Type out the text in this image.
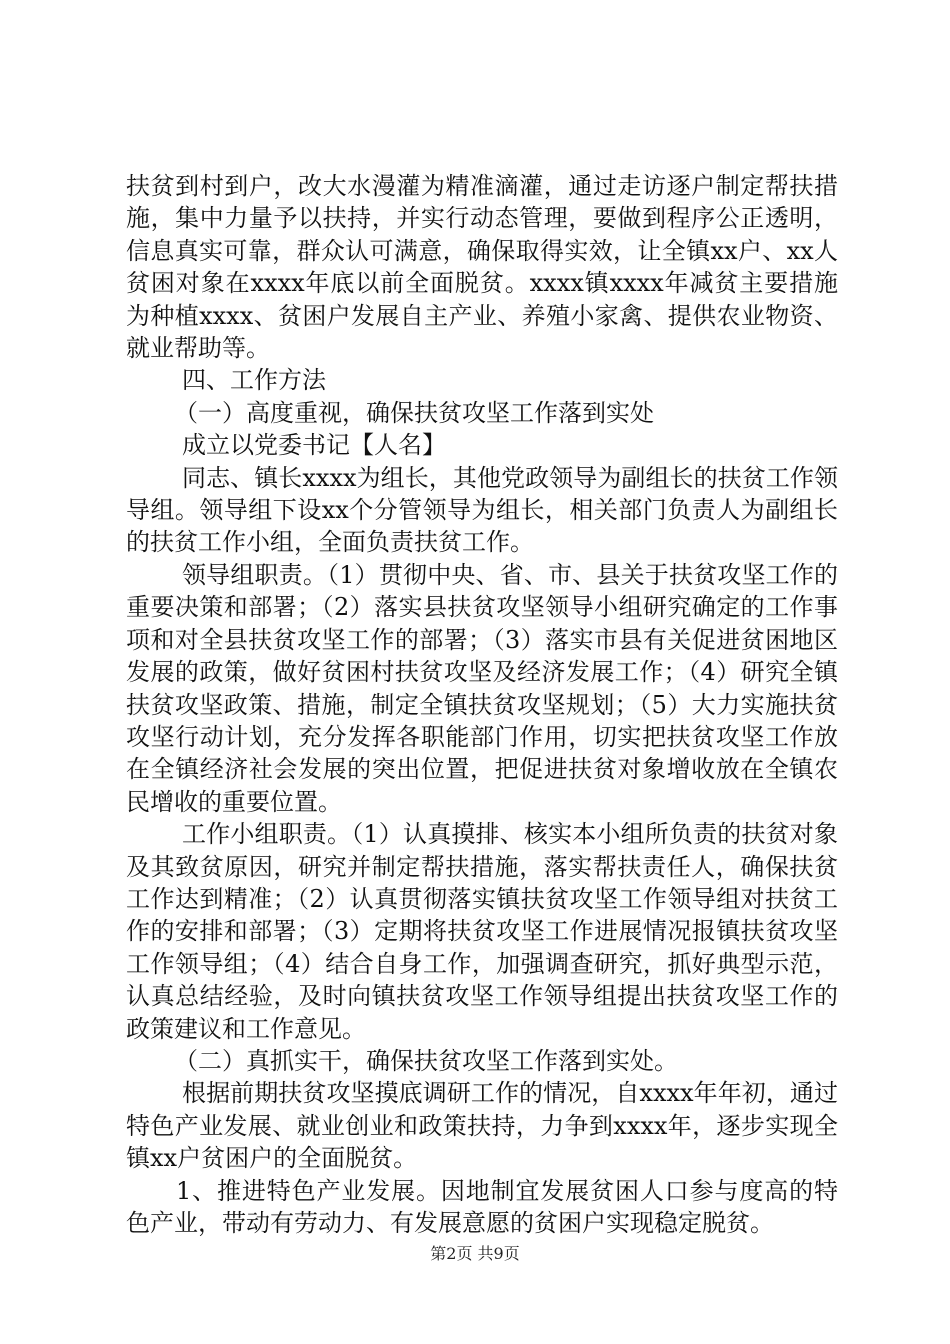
扶贫到村到户，改大水漫灌为精准滴灌，通过走访逐户制定帮扶措施，集中力量予以扶持，并实行动态管理，要做到程序公正透明，信息真实可靠，群众认可满意，确保取得实效，让全镇xx户、xx人贫困对象在xxxx年底以前全面脱贫。xxxx镇xxxx年减贫主要措施为种植xxxx、贫困户发展自主产业、养殖小家禽、提供农业物资、就业帮助等。

四、工作方法

（一）高度重视，确保扶贫攻坚工作落到实处

成立以党委书记【人名】

同志、镇长xxxx为组长，其他党政领导为副组长的扶贫工作领导组。领导组下设xx个分管领导为组长，相关部门负责人为副组长的扶贫工作小组，全面负责扶贫工作。

领导组职责。（1）贯彻中央、省、市、县关于扶贫攻坚工作的重要决策和部署；（2）落实县扶贫攻坚领导小组研究确定的工作事项和对全县扶贫攻坚工作的部署；（3）落实市县有关促进贫困地区发展的政策，做好贫困村扶贫攻坚及经济发展工作；（4）研究全镇扶贫攻坚政策、措施，制定全镇扶贫攻坚规划；（5）大力实施扶贫攻坚行动计划，充分发挥各职能部门作用，切实把扶贫攻坚工作放在全镇经济社会发展的突出位置，把促进扶贫对象增收放在全镇农民增收的重要位置。

工作小组职责。（1）认真摸排、核实本小组所负责的扶贫对象及其致贫原因，研究并制定帮扶措施，落实帮扶责任人，确保扶贫工作达到精准；（2）认真贯彻落实镇扶贫攻坚工作领导组对扶贫工作的安排和部署；（3）定期将扶贫攻坚工作进展情况报镇扶贫攻坚工作领导组；（4）结合自身工作，加强调查研究，抓好典型示范，认真总结经验，及时向镇扶贫攻坚工作领导组提出扶贫攻坚工作的政策建议和工作意见。

（二）真抓实干，确保扶贫攻坚工作落到实处。

根据前期扶贫攻坚摸底调研工作的情况，自xxxx年年初，通过特色产业发展、就业创业和政策扶持，力争到xxxx年，逐步实现全镇xx户贫困户的全面脱贫。

1、推进特色产业发展。因地制宜发展贫困人口参与度高的特色产业，带动有劳动力、有发展意愿的贫困户实现稳定脱贫。

第2页 共9页
